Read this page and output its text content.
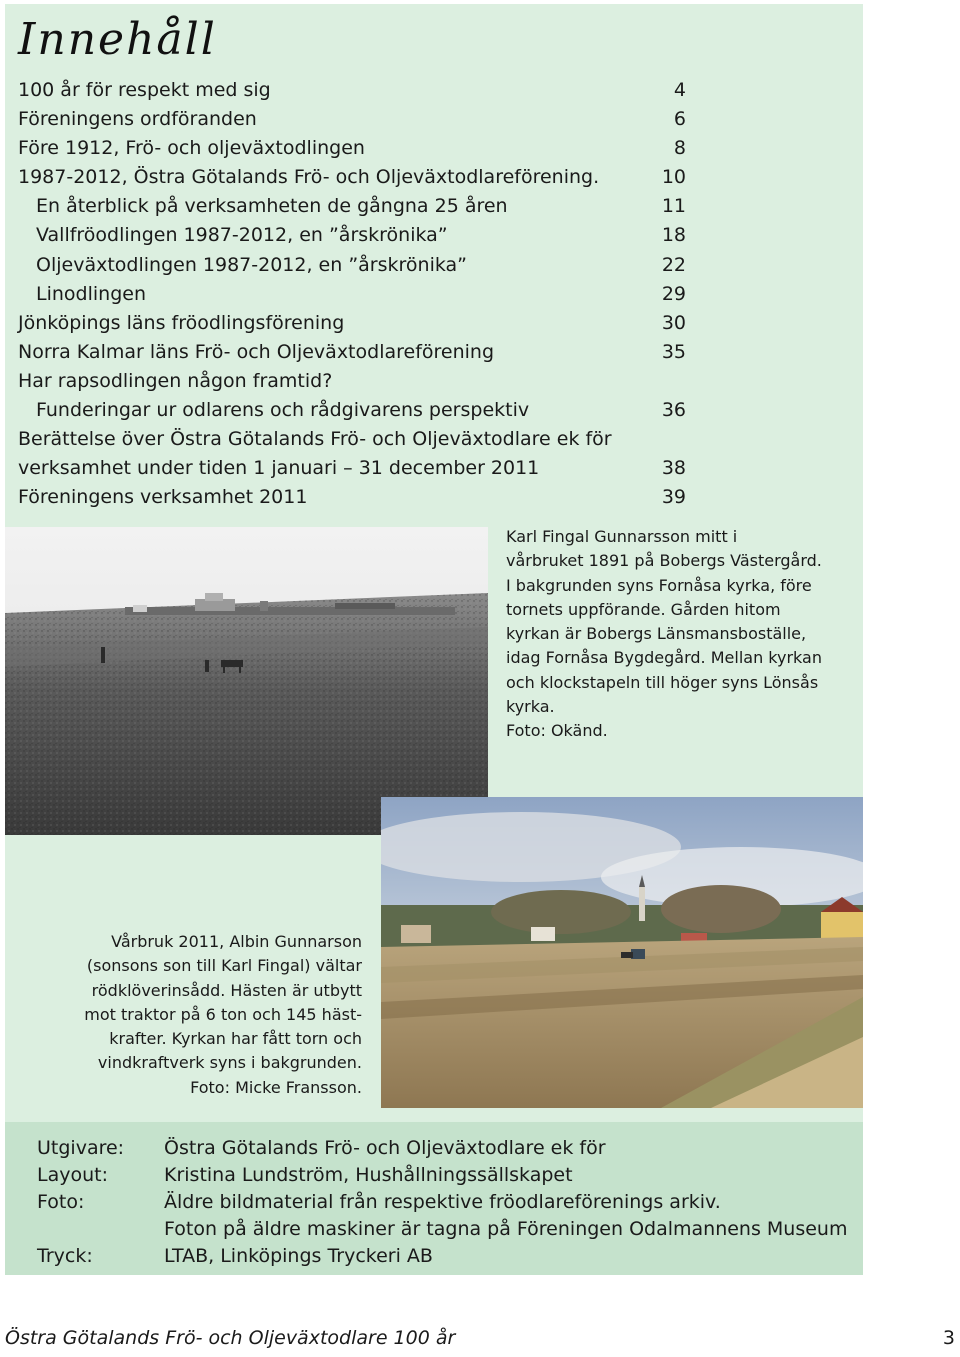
Innehåll
100 år för respekt med sig	4
Föreningens ordföranden	6
Före 1912, Frö- och oljeväxtodlingen	8
1987-2012, Östra Götalands Frö- och Oljeväxtodlareförening.	10
En återblick på verksamheten de gångna 25 åren	11
Vallfröodlingen 1987-2012, en ”årskrönika”	18
Oljeväxtodlingen 1987-2012, en ”årskrönika”	22
Linodlingen	29
Jönköpings läns fröodlingsförening	30
Norra Kalmar läns Frö- och Oljeväxtodlareförening	35
Har rapsodlingen någon framtid?
Funderingar ur odlarens och rådgivarens perspektiv	36
Berättelse över Östra Götalands Frö- och Oljeväxtodlare ek för
verksamhet under tiden 1 januari – 31 december 2011	38
Föreningens verksamhet 2011	39
Karl Fingal Gunnarsson mitt i
vårbruket 1891 på Bobergs Västergård.
I bakgrunden syns Fornåsa kyrka, före
tornets uppförande. Gården hitom
kyrkan är Bobergs Länsmansboställe,
idag Fornåsa Bygdegård. Mellan kyrkan
och klockstapeln till höger syns Lönsås
kyrka.
Foto: Okänd.
Vårbruk 2011, Albin Gunnarson
(sonsons son till Karl Fingal) vältar
rödklöverinsådd. Hästen är utbytt
mot traktor på 6 ton och 145 häst-
krafter. Kyrkan har fått torn och
vindkraftverk syns i bakgrunden.
Foto: Micke Fransson.
Utgivare:	Östra Götalands Frö- och Oljeväxtodlare ek för
Layout:	Kristina Lundström, Hushållningssällskapet
Foto:	Äldre bildmaterial från respektive fröodlareförenings arkiv.
Foton på äldre maskiner är tagna på Föreningen Odalmannens Museum
Tryck:	LTAB, Linköpings Tryckeri AB
Östra Götalands Frö- och Oljeväxtodlare 100 år	3
